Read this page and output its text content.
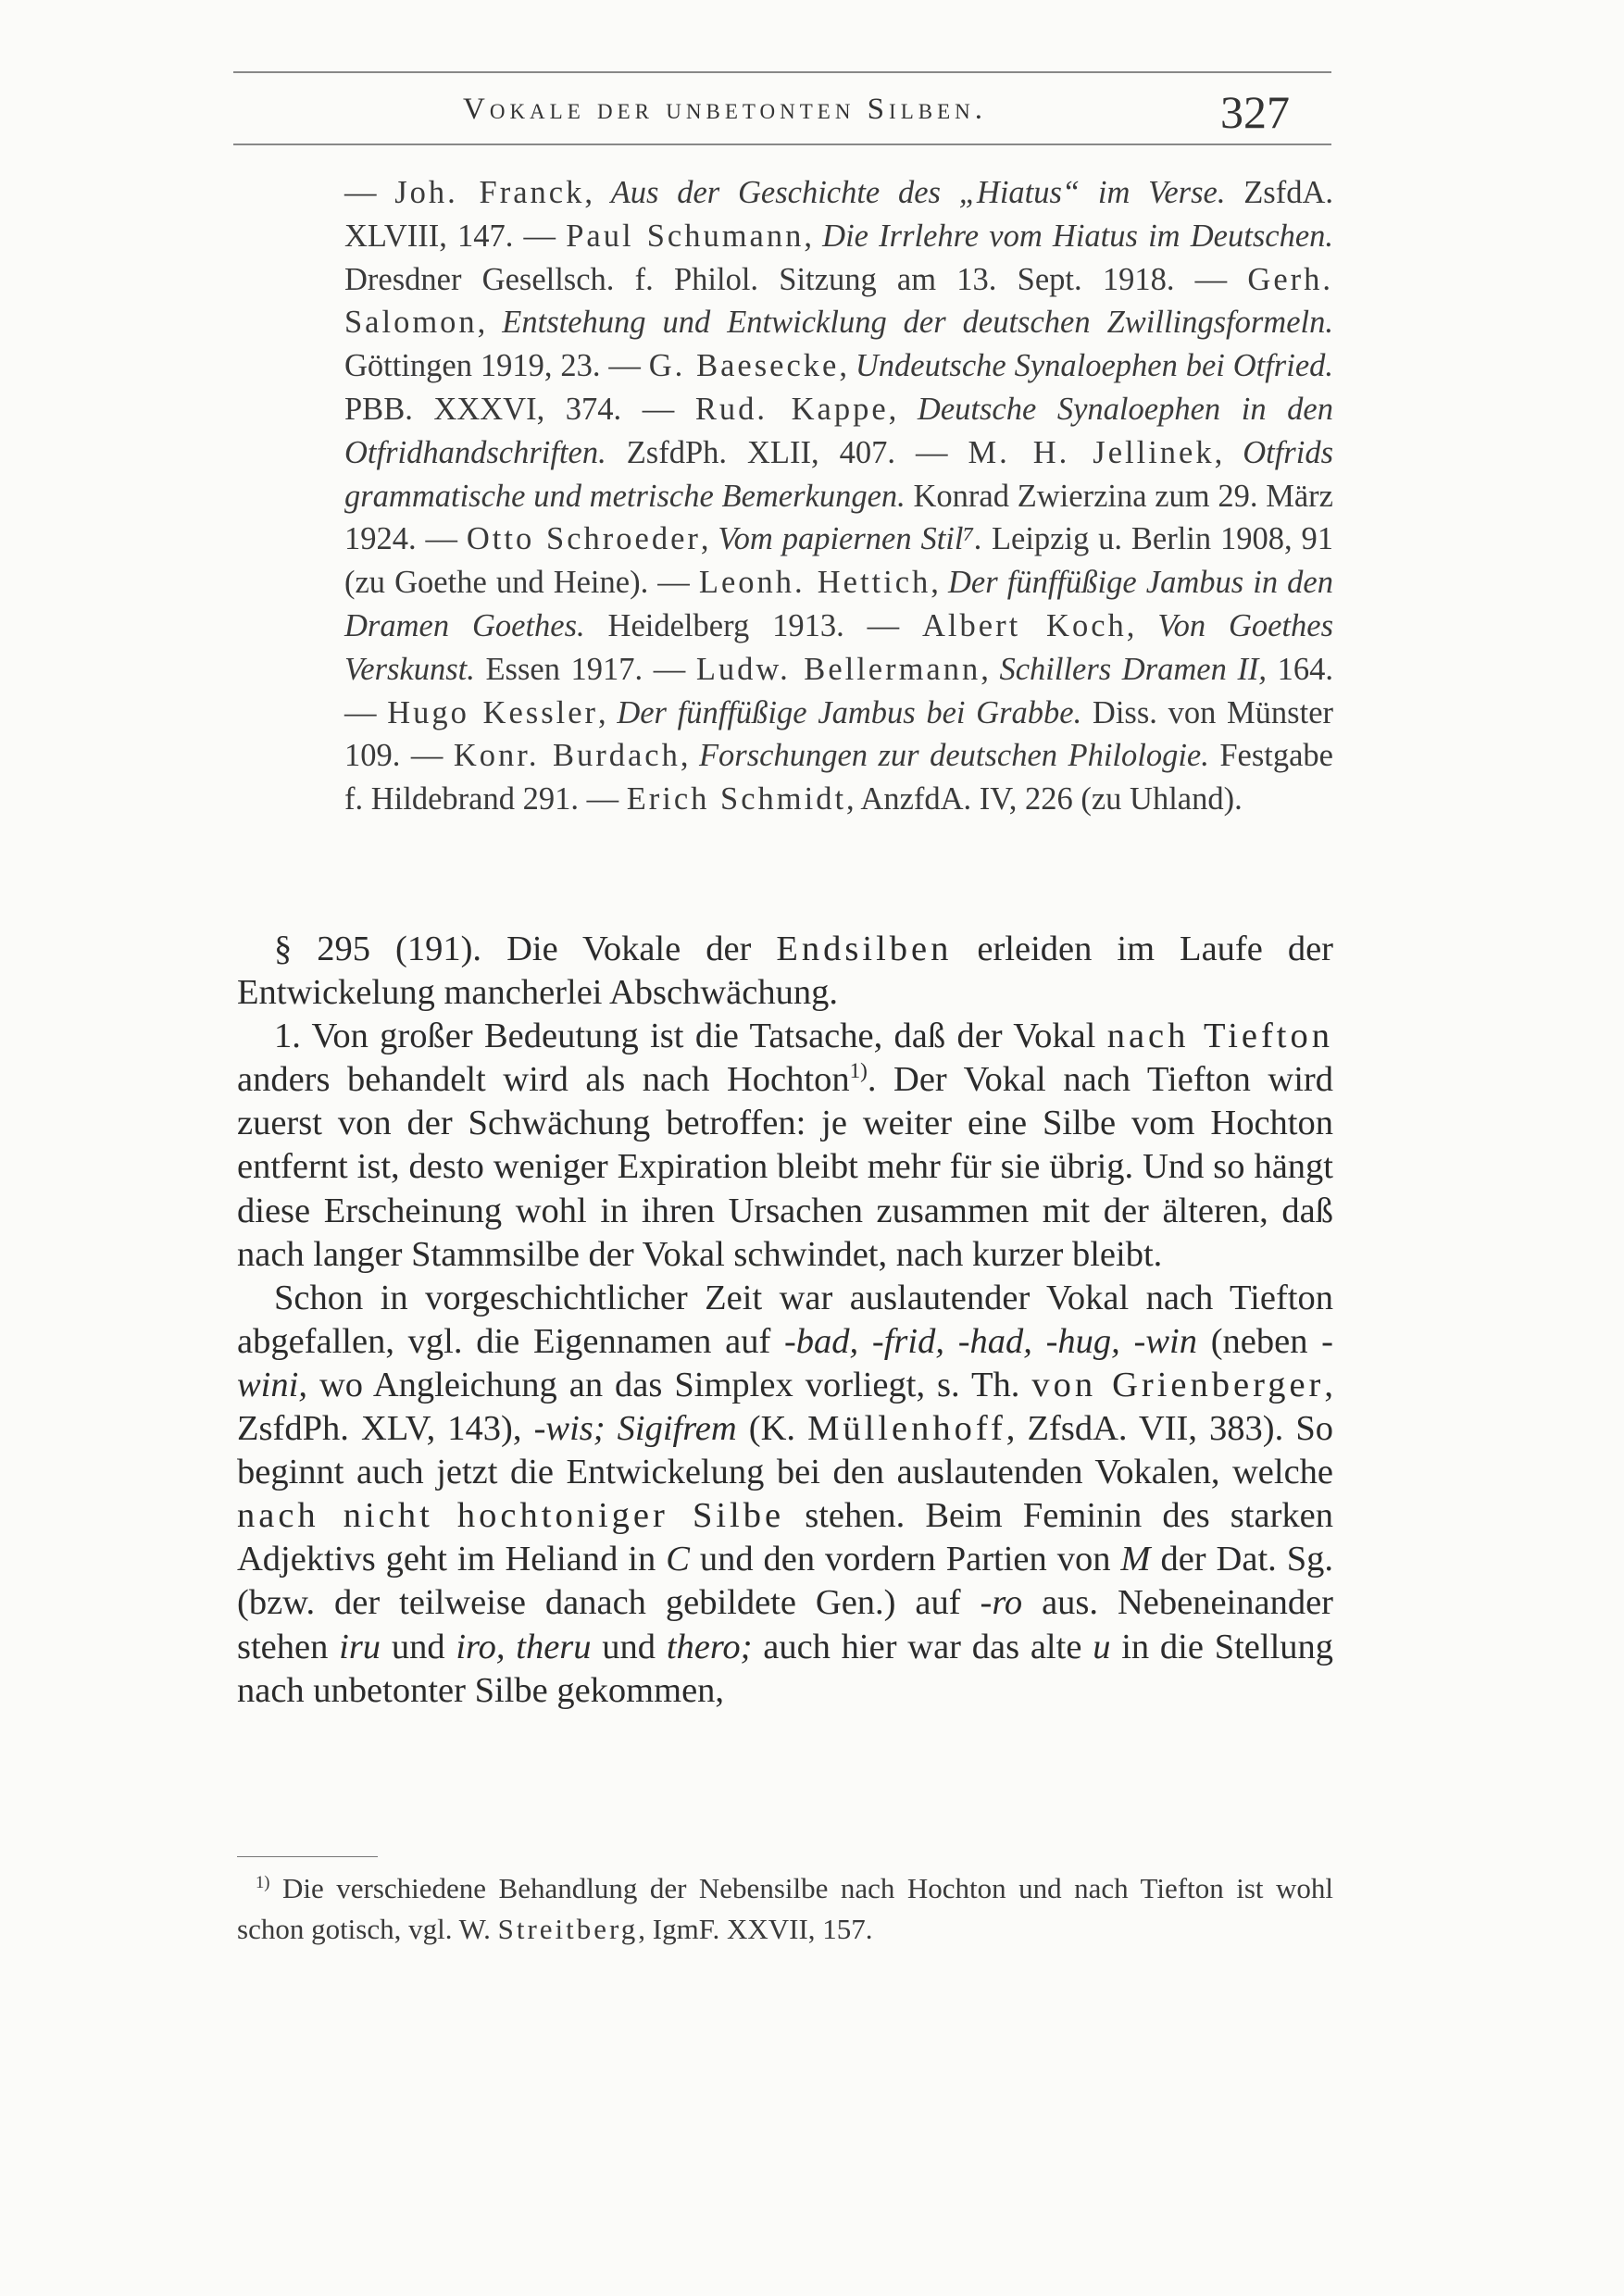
Vokale der unbetonten Silben.	327
— Joh. Franck, Aus der Geschichte des „Hiatus“ im Verse. ZsfdA. XLVIII, 147. — Paul Schumann, Die Irrlehre vom Hiatus im Deutschen. Dresdner Gesellsch. f. Philol. Sitzung am 13. Sept. 1918. — Gerh. Salomon, Entstehung und Entwicklung der deutschen Zwillingsformeln. Göttingen 1919, 23. — G. Baesecke, Undeutsche Synaloephen bei Otfried. PBB. XXXVI, 374. — Rud. Kappe, Deutsche Synaloephen in den Otfridhandschriften. ZsfdPh. XLII, 407. — M. H. Jellinek, Otfrids grammatische und metrische Bemerkungen. Konrad Zwierzina zum 29. März 1924. — Otto Schroeder, Vom papiernen Stil⁷. Leipzig u. Berlin 1908, 91 (zu Goethe und Heine). — Leonh. Hettich, Der fünffüßige Jambus in den Dramen Goethes. Heidelberg 1913. — Albert Koch, Von Goethes Verskunst. Essen 1917. — Ludw. Bellermann, Schillers Dramen II, 164. — Hugo Kessler, Der fünffüßige Jambus bei Grabbe. Diss. von Münster 109. — Konr. Burdach, Forschungen zur deutschen Philologie. Festgabe f. Hildebrand 291. — Erich Schmidt, AnzfdA. IV, 226 (zu Uhland).

§ 295 (191). Die Vokale der Endsilben erleiden im Laufe der Entwickelung mancherlei Abschwächung.

1. Von großer Bedeutung ist die Tatsache, daß der Vokal nach Tiefton anders behandelt wird als nach Hochton$^{1)}$. Der Vokal nach Tiefton wird zuerst von der Schwächung betroffen: je weiter eine Silbe vom Hochton entfernt ist, desto weniger Expiration bleibt mehr für sie übrig. Und so hängt diese Erscheinung wohl in ihren Ursachen zusammen mit der älteren, daß nach langer Stammsilbe der Vokal schwindet, nach kurzer bleibt.

Schon in vorgeschichtlicher Zeit war auslautender Vokal nach Tiefton abgefallen, vgl. die Eigennamen auf -bad, -frid, -had, -hug, -win (neben -wini, wo Angleichung an das Simplex vorliegt, s. Th. von Grienberger, ZsfdPh. XLV, 143), -wis; Sigifrem (K. Müllenhoff, ZfsdA. VII, 383). So beginnt auch jetzt die Entwickelung bei den auslautenden Vokalen, welche nach nicht hochtoniger Silbe stehen. Beim Feminin des starken Adjektivs geht im Heliand in C und den vordern Partien von M der Dat. Sg. (bzw. der teilweise danach gebildete Gen.) auf -ro aus. Nebeneinander stehen iru und iro, theru und thero; auch hier war das alte u in die Stellung nach unbetonter Silbe gekommen,

$^{1)}$ Die verschiedene Behandlung der Nebensilbe nach Hochton und nach Tiefton ist wohl schon gotisch, vgl. W. Streitberg, IgmF. XXVII, 157.
